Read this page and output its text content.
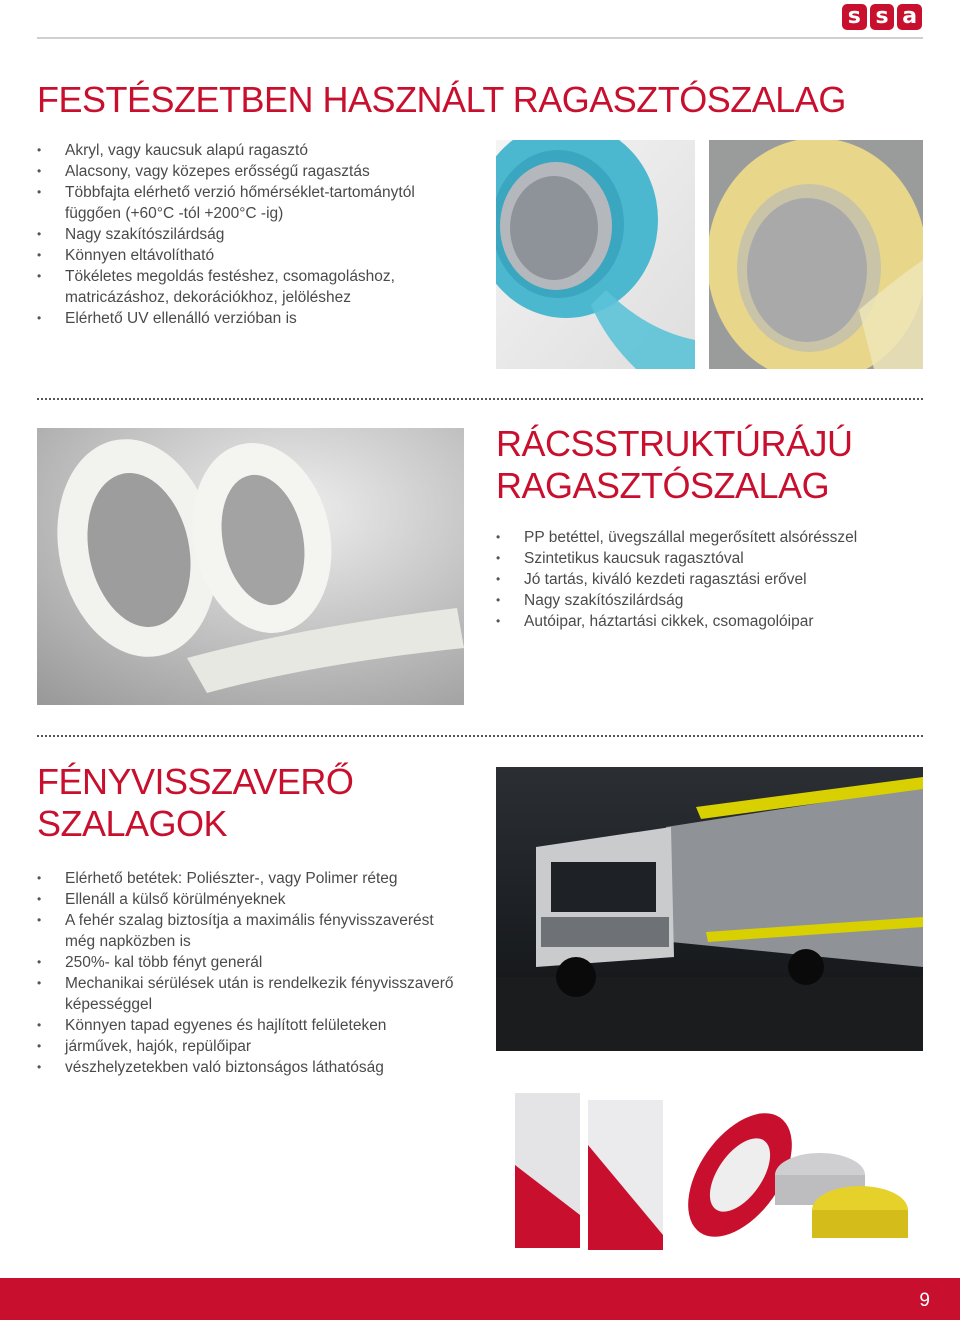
s s a
FESTÉSZETBEN HASZNÁLT RAGASZTÓSZALAG
• Akryl, vagy kaucsuk alapú ragasztó
• Alacsony, vagy közepes erősségű ragasztás
• Többfajta elérhető verzió hőmérséklet-tartománytól függően (+60°C -tól +200°C -ig)
• Nagy szakítószilárdság
• Könnyen eltávolítható
• Tökéletes megoldás festéshez, csomagoláshoz, matricázáshoz, dekorációkhoz, jelöléshez
• Elérhető UV ellenálló verzióban is
RÁCSSTRUKTÚRÁJÚ
RAGASZTÓSZALAG
• PP betéttel, üvegszállal megerősített alsórésszel
• Szintetikus kaucsuk ragasztóval
• Jó tartás, kiváló kezdeti ragasztási erővel
• Nagy szakítószilárdság
• Autóipar, háztartási cikkek, csomagolóipar
FÉNYVISSZAVERŐ
SZALAGOK
• Elérhető betétek: Poliészter-, vagy Polimer réteg
• Ellenáll a külső körülményeknek
• A fehér szalag biztosítja a maximális fényvisszaverést még napközben is
• 250%- kal több fényt generál
• Mechanikai sérülések után is rendelkezik fényvisszaverő képességgel
• Könnyen tapad egyenes és hajlított felületeken
• járművek, hajók, repülőipar
• vészhelyzetekben való biztonságos láthatóság
9
